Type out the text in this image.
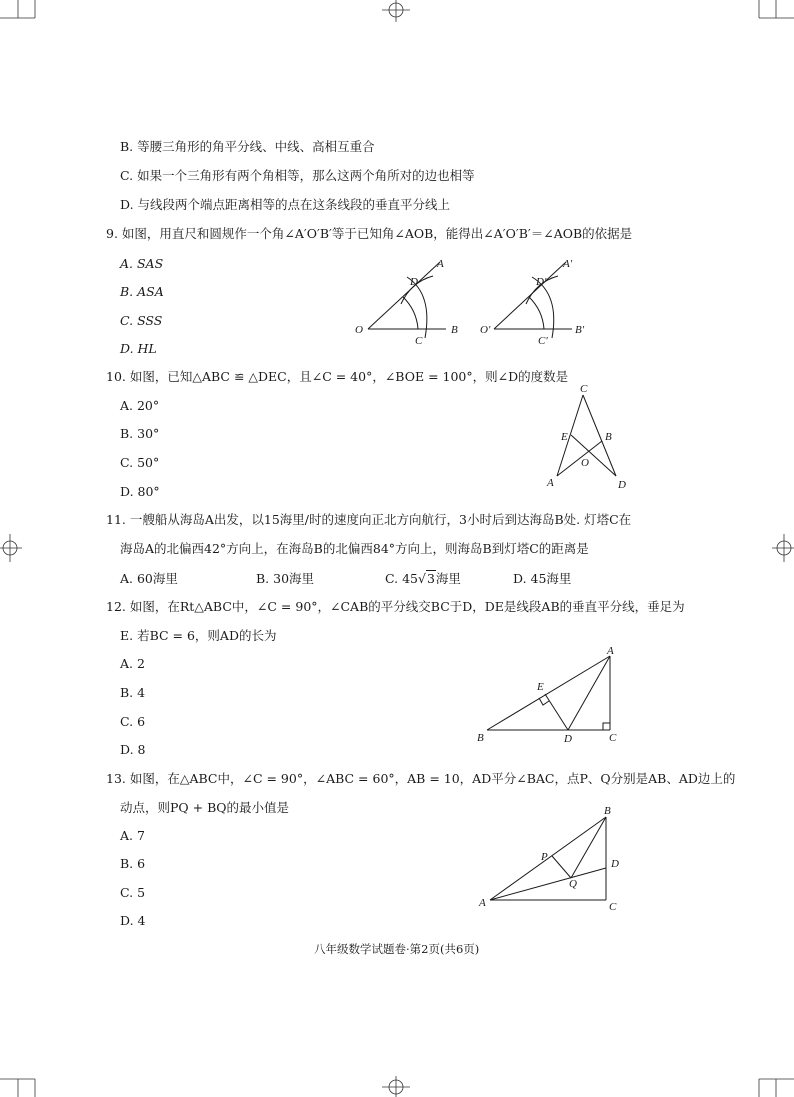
B. 等腰三角形的角平分线、中线、高相互重合
C. 如果一个三角形有两个角相等，那么这两个角所对的边也相等
D. 与线段两个端点距离相等的点在这条线段的垂直平分线上
9. 如图，用直尺和圆规作一个角∠A′O′B′等于已知角∠AOB，能得出∠A′O′B′＝∠AOB的依据是
A. SAS
B. ASA
C. SSS
D. HL
O
A
B
C
D
O′
A′
B′
C′
D′
10. 如图，已知△ABC ≌ △DEC，且∠C = 40°，∠BOE = 100°，则∠D的度数是
A. 20°
B. 30°
C. 50°
D. 80°
C
A	D
E	B
O
11. 一艘船从海岛A出发，以15海里/时的速度向正北方向航行，3小时后到达海岛B处. 灯塔C在
海岛A的北偏西42°方向上，在海岛B的北偏西84°方向上，则海岛B到灯塔C的距离是
A. 60海里	B. 30海里	C. 45√3海里	D. 45海里
12. 如图，在Rt△ABC中，∠C = 90°，∠CAB的平分线交BC于D，DE是线段AB的垂直平分线，垂足为
E. 若BC = 6，则AD的长为
A. 2
B. 4
C. 6
D. 8
A
B	C
D
E
13. 如图，在△ABC中，∠C = 90°，∠ABC = 60°，AB = 10，AD平分∠BAC，点P、Q分别是AB、AD边上的
动点，则PQ + BQ的最小值是
A. 7
B. 6
C. 5
D. 4
B
A	C
D
P
Q
八年级数学试题卷·第2页(共6页)
